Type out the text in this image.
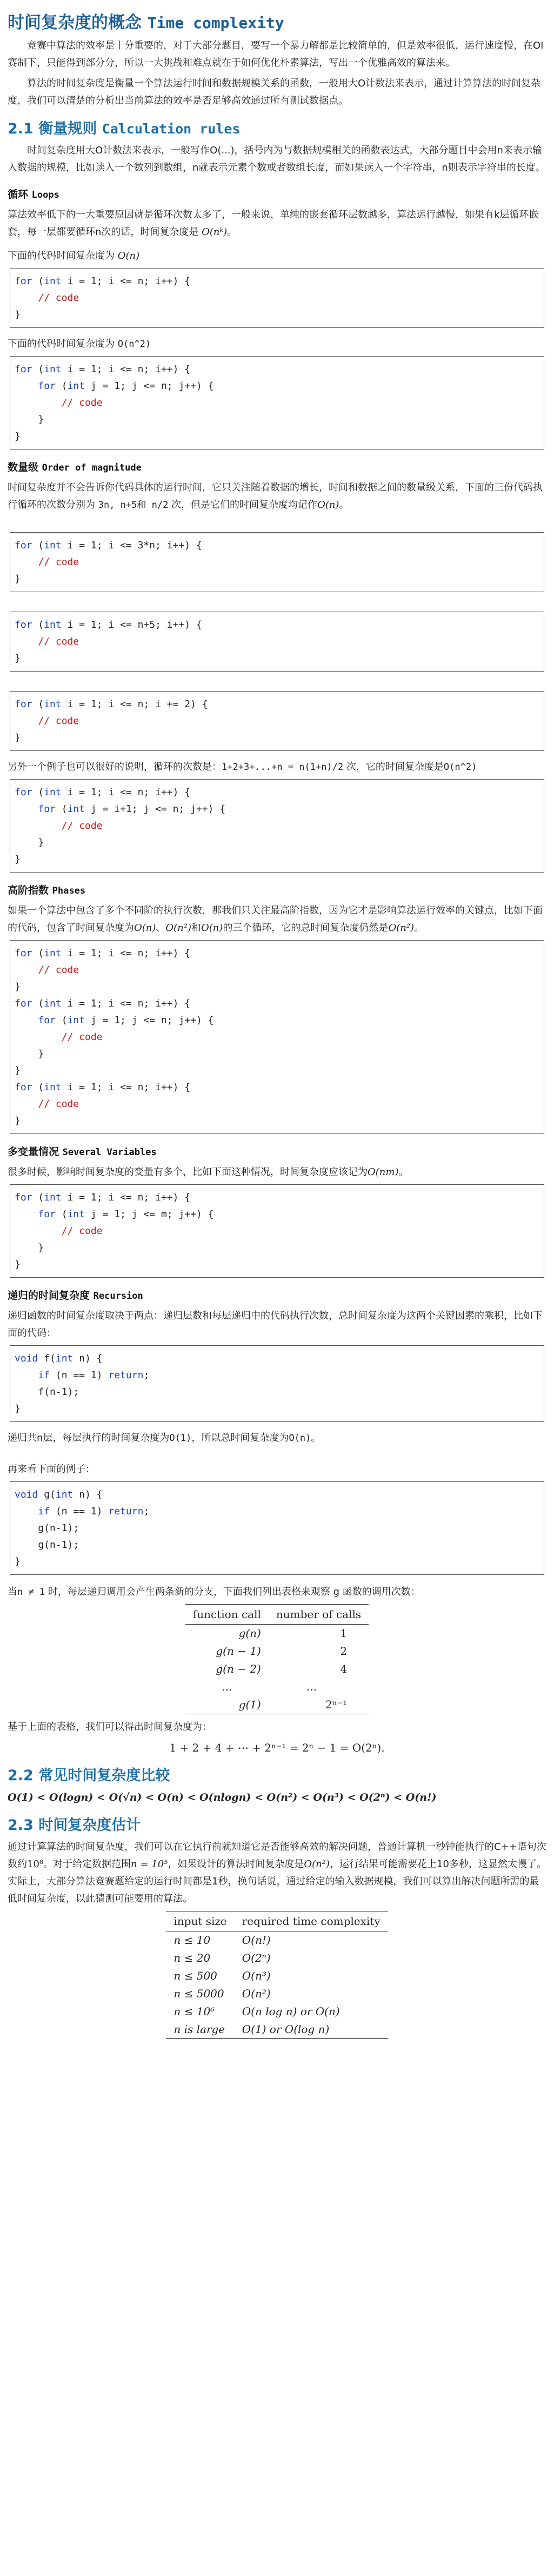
时间复杂度的概念 Time complexity

竞赛中算法的效率是十分重要的，对于大部分题目，要写一个暴力解都是比较简单的，但是效率很低，运行速度慢，在OI赛制下，只能得到部分分，所以一大挑战和难点就在于如何优化朴素算法，写出一个优雅高效的算法来。

算法的时间复杂度是衡量一个算法运行时间和数据规模关系的函数，一般用大O计数法来表示，通过计算算法的时间复杂度，我们可以清楚的分析出当前算法的效率是否足够高效通过所有测试数据点。

2.1 衡量规则 Calculation rules

时间复杂度用大O计数法来表示，一般写作O(...)，括号内为与数据规模相关的函数表达式，大部分题目中会用n来表示输入数据的规模，比如读入一个数列到数组，n就表示元素个数或者数组长度，而如果读入一个字符串，n则表示字符串的长度。

循环 Loops

算法效率低下的一大重要原因就是循环次数太多了，一般来说，单纯的嵌套循环层数越多，算法运行越慢，如果有k层循环嵌套，每一层都要循环n次的话，时间复杂度是 O(nᵏ)。

下面的代码时间复杂度为 O(n)

for (int i = 1; i <= n; i++) {
// code
}

下面的代码时间复杂度为 O(n^2)

for (int i = 1; i <= n; i++) {
for (int j = 1; j <= n; j++) {
// code
}
}
数量级 Order of magnitude

时间复杂度并不会告诉你代码具体的运行时间，它只关注随着数据的增长，时间和数据之间的数量级关系，下面的三份代码执行循环的次数分别为 3n, n+5和 n/2 次，但是它们的时间复杂度均记作O(n)。

for (int i = 1; i <= 3*n; i++) {
// code
}
for (int i = 1; i <= n+5; i++) {
// code
}
for (int i = 1; i <= n; i += 2) {
// code
}

另外一个例子也可以很好的说明，循环的次数是：1+2+3+...+n = n(1+n)/2 次，它的时间复杂度是O(n^2)

for (int i = 1; i <= n; i++) {
for (int j = i+1; j <= n; j++) {
// code
}
}
高阶指数 Phases

如果一个算法中包含了多个不同阶的执行次数，那我们只关注最高阶指数，因为它才是影响算法运行效率的关键点，比如下面的代码，包含了时间复杂度为O(n)、O(n²)和O(n)的三个循环，它的总时间复杂度仍然是O(n²)。

for (int i = 1; i <= n; i++) {
// code
}
for (int i = 1; i <= n; i++) {
for (int j = 1; j <= n; j++) {
// code
}
}
for (int i = 1; i <= n; i++) {
// code
}
多变量情况 Several Variables

很多时候，影响时间复杂度的变量有多个，比如下面这种情况，时间复杂度应该记为O(nm)。

for (int i = 1; i <= n; i++) {
for (int j = 1; j <= m; j++) {
// code
}
}
递归的时间复杂度 Recursion

递归函数的时间复杂度取决于两点：递归层数和每层递归中的代码执行次数，总时间复杂度为这两个关键因素的乘积，比如下面的代码：

void f(int n) {
if (n == 1) return;
f(n-1);
}

递归共n层，每层执行的时间复杂度为O(1)，所以总时间复杂度为O(n)。

再来看下面的例子：

void g(int n) {
if (n == 1) return;
g(n-1);
g(n-1);
}

当n ≠ 1 时，每层递归调用会产生两条新的分支，下面我们列出表格来观察 g 函数的调用次数：

function call	number of calls
g(n)	1
g(n − 1)	2
g(n − 2)	4
…	…
g(1)	2ⁿ⁻¹

基于上面的表格，我们可以得出时间复杂度为：

1 + 2 + 4 + ⋯ + 2ⁿ⁻¹ = 2ⁿ − 1 = O(2ⁿ).

2.2 常见时间复杂度比较

O(1) < O(logn) < O(√n) < O(n) < O(nlogn) < O(n²) < O(n³) < O(2ⁿ) < O(n!)

2.3 时间复杂度估计

通过计算算法的时间复杂度，我们可以在它执行前就知道它是否能够高效的解决问题，普通计算机一秒钟能执行的C++语句次数约10⁸。对于给定数据范围n = 10⁵，如果设计的算法时间复杂度是O(n²)，运行结果可能需要花上10多秒，这显然太慢了。实际上，大部分算法竞赛题给定的运行时间都是1秒，换句话说，通过给定的输入数据规模，我们可以算出解决问题所需的最低时间复杂度，以此猜测可能要用的算法。

input size	required time complexity
n ≤ 10	O(n!)
n ≤ 20	O(2ⁿ)
n ≤ 500	O(n³)
n ≤ 5000	O(n²)
n ≤ 10⁶	O(n log n) or O(n)
n is large	O(1) or O(log n)
